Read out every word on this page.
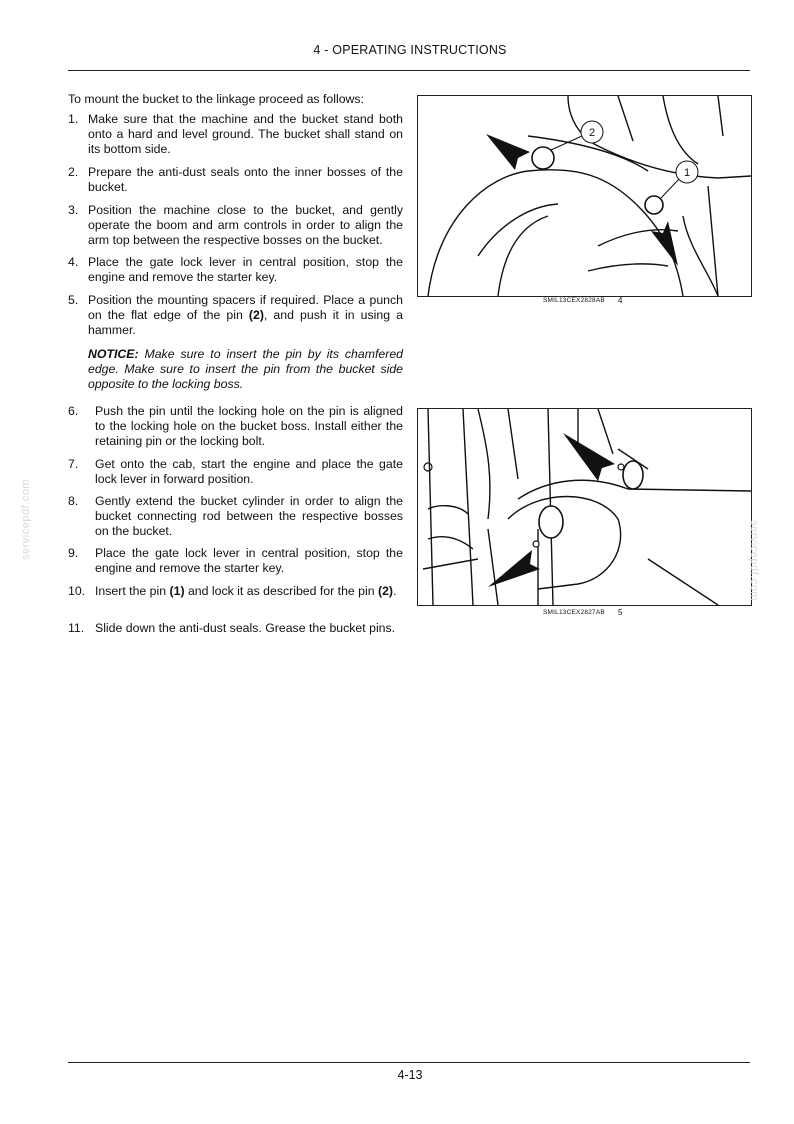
4 - OPERATING INSTRUCTIONS
To mount the bucket to the linkage proceed as follows:
1. Make sure that the machine and the bucket stand both onto a hard and level ground. The bucket shall stand on its bottom side.
2. Prepare the anti-dust seals onto the inner bosses of the bucket.
3. Position the machine close to the bucket, and gently operate the boom and arm controls in order to align the arm top between the respective bosses on the bucket.
4. Place the gate lock lever in central position, stop the engine and remove the starter key.
5. Position the mounting spacers if required. Place a punch on the flat edge of the pin (2), and push it in using a hammer.
NOTICE: Make sure to insert the pin by its chamfered edge. Make sure to insert the pin from the bucket side opposite to the locking boss.
6. Push the pin until the locking hole on the pin is aligned to the locking hole on the bucket boss. Install either the retaining pin or the locking bolt.
7. Get onto the cab, start the engine and place the gate lock lever in forward position.
8. Gently extend the bucket cylinder in order to align the bucket connecting rod between the respective bosses on the bucket.
9. Place the gate lock lever in central position, stop the engine and remove the starter key.
10. Insert the pin (1) and lock it as described for the pin (2).
11. Slide down the anti-dust seals. Grease the bucket pins.
2
1
SMIL13CEX2828AB 4
SMIL13CEX2827AB 5
servicepdf.com
servicepdf.com
4-13
